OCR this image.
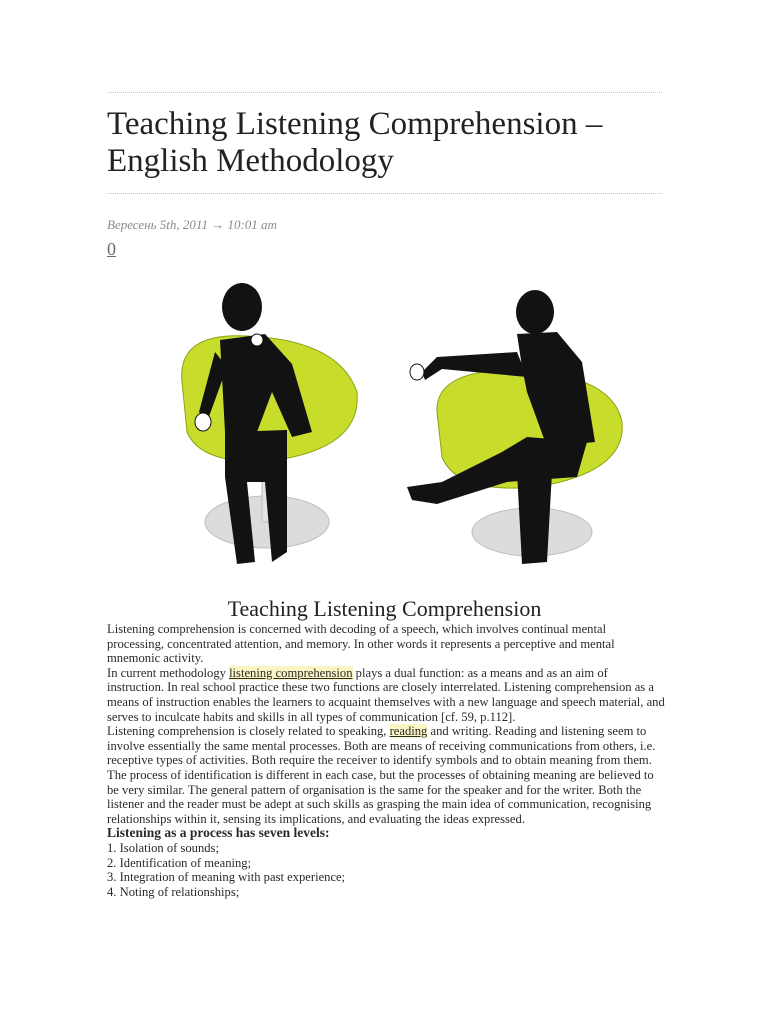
Teaching Listening Comprehension – English Methodology
Вересень 5th, 2011 → 10:01 am
0
Teaching Listening Comprehension

Listening comprehension is concerned with decoding of a speech, which involves continual mental processing, concentrated attention, and memory. In other words it represents a perceptive and mental mnemonic activity.

In current methodology listening comprehension plays a dual function: as a means and as an aim of instruction. In real school practice these two functions are closely interrelated. Listening comprehension as a means of instruction enables the learners to acquaint themselves with a new language and speech material, and serves to inculcate habits and skills in all types of communication [cf. 59, p.112].

Listening comprehension is closely related to speaking, reading and writing. Reading and listening seem to involve essentially the same mental processes. Both are means of receiving communications from others, i.e. receptive types of activities. Both require the receiver to identify symbols and to obtain meaning from them. The process of identification is different in each case, but the processes of obtaining meaning are believed to be very similar. The general pattern of organisation is the same for the speaker and for the writer. Both the listener and the reader must be adept at such skills as grasping the main idea of communication, recognising relationships within it, sensing its implications, and evaluating the ideas expressed.

Listening as a process has seven levels:

1. Isolation of sounds;

2. Identification of meaning;

3. Integration of meaning with past experience;

4. Noting of relationships;
